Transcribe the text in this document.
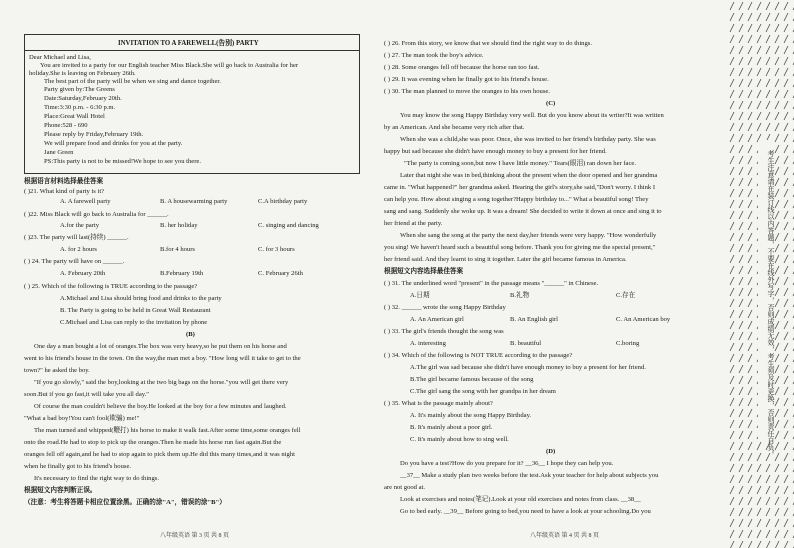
INVITATION TO A FAREWELL(告别) PARTY
Dear Michael and Lisa,
You are invited to a party for our English teacher Miss Black.She will go back to Australia for her
holiday.She is leaving on February 26th.
The best part of the party will be when we sing and dance together.
Party given by:The Greens
Date:Saturday,February 20th.
Time:3:30 p.m. - 6:30 p.m.
Place:Great Wall Hotel
Phone:528 - 690
Please reply by Friday,February 19th.
We will prepare food and drinks for you at the party.
Jane Green
PS:This party is not to be missed!We hope to see you there.
根据语言材料选择最佳答案
( )21. What kind of party is it?
A. A farewell party	B. A housewarming party	C.A birthday party
( )22. Miss Black will go back to Australia for ______.
A.for the party	B. her holiday	C. singing and dancing
( )23. The party will last(持续) ______.
A. for 2 hours	B.for 4 hours	C. for 3 hours
( ) 24. The party will have on ______.
A. February 20th	B.February 19th	C. February 26th
( ) 25. Which of the following is TRUE according to the passage?
A.Michael and Lisa should bring food and drinks to the party
B. The Party is going to be held in Great Wall Restaurant
C.Michael and Lisa can reply to the invitation by phone
(B)
One day a man bought a lot of oranges.The box was very heavy,so he put them on his horse and
went to his friend's house in the town. On the way,the man met a boy. "How long will it take to get to the
town?" he asked the boy.
"If you go slowly," said the boy,looking at the two big bags on the horse."you will get there very
soon.But if you go fast,it will take you all day."
Of course the man couldn't believe the boy.He looked at the boy for a few minutes and laughed.
"What a bad boy!You can't fool(欺骗) me!"
The man turned and whipped(鞭打) his horse to make it walk fast.After some time,some oranges fell
onto the road.He had to stop to pick up the oranges.Then he made his horse run fast again.But the
oranges fell off again,and he had to stop again to pick them up.He did this many times,and it was night
when he finally got to his friend's house.
It's necessary to find the right way to do things.
根据短文内容判断正误。
（注意：考生将答题卡相应位置涂黑。正确的涂"A"，错误的涂"B"）
八年级英语 第 3 页 共 8 页
( ) 26. From this story, we know that we should find the right way to do things.
( ) 27. The man took the boy's advice.
( ) 28. Some oranges fell off because the horse ran too fast.
( ) 29. It was evening when he finally got to his friend's house.
( ) 30. The man planned to move the oranges to his own house.
(C)
You may know the song Happy Birthday very well. But do you know about its writer?It was written
by an American. And she became very rich after that.
When she was a child,she was poor. Once, she was invited to her friend's birthday party. She was
happy but sad because she didn't have enough money to buy a present for her friend.
"The party is coming soon,but now I have little money." Tears(眼泪) ran down her face.
Later that night she was in bed,thinking about the present when the door opened and her grandma
came in. "What happened?" her grandma asked. Hearing the girl's story,she said,"Don't worry. I think I
can help you. How about singing a song together?Happy birthday to..." What a beautiful song! They
sang and sang. Suddenly she woke up. It was a dream! She decided to write it down at once and sing it to
her friend at the party.
When she sang the song at the party the next day,her friends were very happy. "How wonderfully
you sing! We haven't heard such a beautiful song before. Thank you for giving me the special present,"
her friend said. And they learnt to sing it together. Later the girl became famous in America.
根据短文内容选择最佳答案
( ) 31. The underlined word "present" in the passage means "______" in Chinese.
A.日期	B.礼物	C.存在
( ) 32. ______ wrote the song Happy Birthday
A. An American girl	B. An English girl	C. An American boy
( ) 33. The girl's friends thought the song was
A. interesting	B. beautiful	C.boring
( ) 34. Which of the following is NOT TRUE according to the passage?
A.The girl was sad because she didn't have enough money to buy a present for her friend.
B.The girl became famous because of the song
C.The girl sang the song with her grandpa in her dream
( ) 35. What is the passage mainly about?
A. It's mainly about the song Happy Birthday.
B. It's mainly about a poor girl.
C. It's mainly about how to sing well.
(D)
Do you have a test?How do you prepare for it? __36__ I hope they can help you.
__37__ Make a study plan two weeks before the test.Ask your teacher for help about subjects you
are not good at.
Look at exercises and notes(笔记).Look at your old exercises and notes from class. __38__
Go to bed early. __39__ Before going to bed,you need to have a look at your schooling.Do you
八年级英语 第 4 页 共 8 页
考生注意请在装订线以内答题，不要在线外写字，否则成绩无效，考生须及时更换，否则责任自负。
